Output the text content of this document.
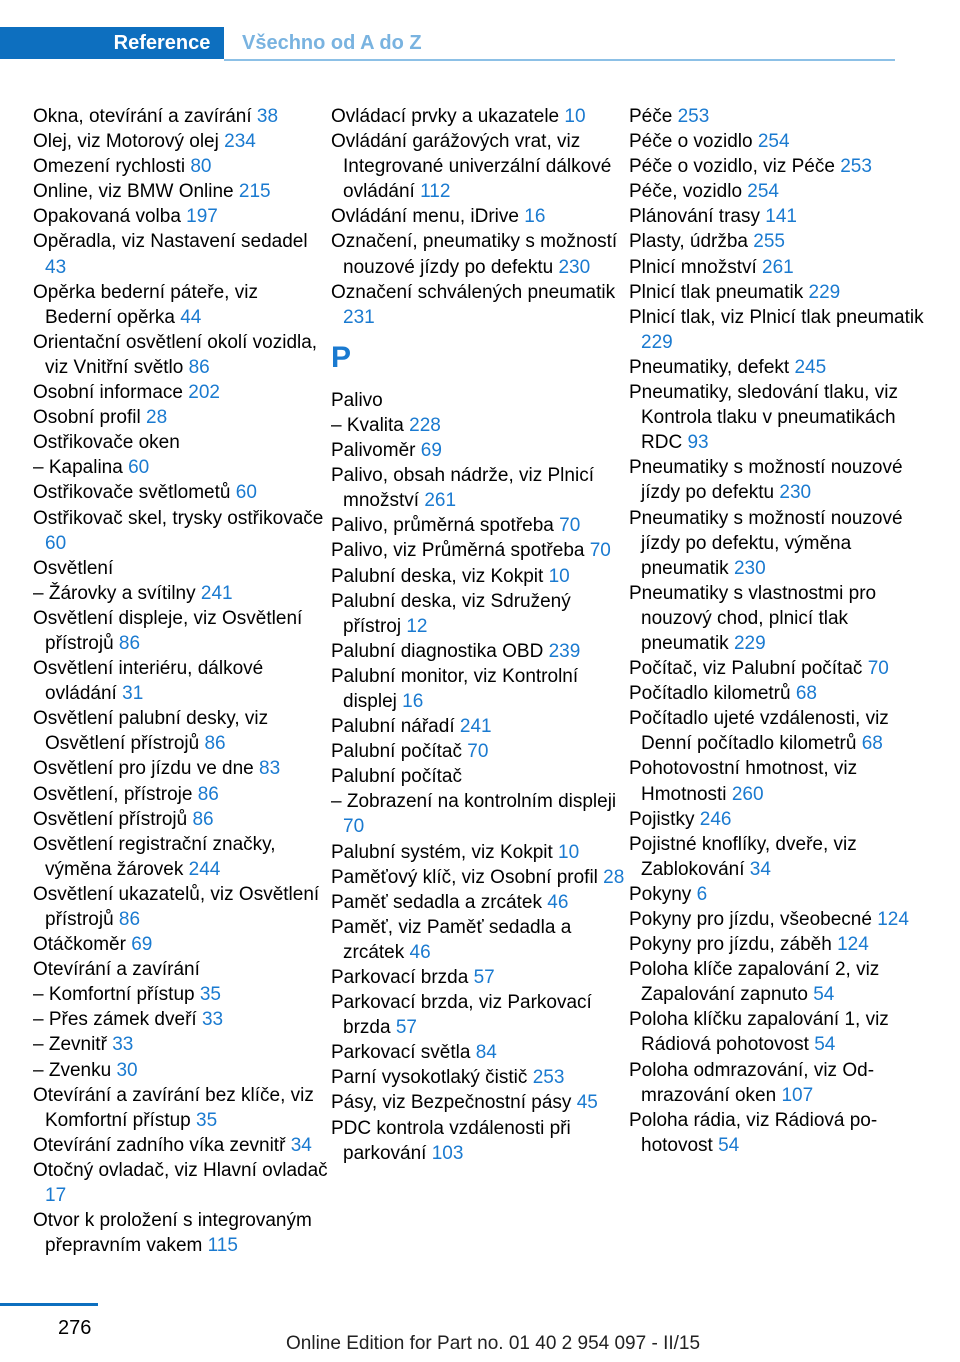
Reference	Všechno od A do Z
Okna, otevírání a zavírání 38
Olej, viz Motorový olej 234
Omezení rychlosti 80
Online, viz BMW Online 215
Opakovaná volba 197
Opěradla, viz Nastavení sedadel 43
Opěrka bederní páteře, viz Bederní opěrka 44
Orientační osvětlení okolí vozidla, viz Vnitřní světlo 86
Osobní informace 202
Osobní profil 28
Ostřikovače oken
– Kapalina 60
Ostřikovače světlometů 60
Ostřikovač skel, trysky ostřikovače 60
Osvětlení
– Žárovky a svítilny 241
Osvětlení displeje, viz Osvětlení přístrojů 86
Osvětlení interiéru, dálkové ovládání 31
Osvětlení palubní desky, viz Osvětlení přístrojů 86
Osvětlení pro jízdu ve dne 83
Osvětlení, přístroje 86
Osvětlení přístrojů 86
Osvětlení registrační značky, výměna žárovek 244
Osvětlení ukazatelů, viz Osvětlení přístrojů 86
Otáčkoměr 69
Otevírání a zavírání
– Komfortní přístup 35
– Přes zámek dveří 33
– Zevnitř 33
– Zvenku 30
Otevírání a zavírání bez klíče, viz Komfortní přístup 35
Otevírání zadního víka zevnitř 34
Otočný ovladač, viz Hlavní ovladač 17
Otvor k proložení s integrovaným přepravním vakem 115
Ovládací prvky a ukazatele 10
Ovládání garážových vrat, viz Integrované univerzální dálkové ovládání 112
Ovládání menu, iDrive 16
Označení, pneumatiky s možností nouzové jízdy po defektu 230
Označení schválených pneumatik 231
P
Palivo
– Kvalita 228
Palivoměr 69
Palivo, obsah nádrže, viz Plnicí množství 261
Palivo, průměrná spotřeba 70
Palivo, viz Průměrná spotřeba 70
Palubní deska, viz Kokpit 10
Palubní deska, viz Sdružený přístroj 12
Palubní diagnostika OBD 239
Palubní monitor, viz Kontrolní displej 16
Palubní nářadí 241
Palubní počítač 70
Palubní počítač
– Zobrazení na kontrolním displeji 70
Palubní systém, viz Kokpit 10
Paměťový klíč, viz Osobní profil 28
Paměť sedadla a zrcátek 46
Paměť, viz Paměť sedadla a zrcátek 46
Parkovací brzda 57
Parkovací brzda, viz Parkovací brzda 57
Parkovací světla 84
Parní vysokotlaký čistič 253
Pásy, viz Bezpečnostní pásy 45
PDC kontrola vzdálenosti při parkování 103
Péče 253
Péče o vozidlo 254
Péče o vozidlo, viz Péče 253
Péče, vozidlo 254
Plánování trasy 141
Plasty, údržba 255
Plnicí množství 261
Plnicí tlak pneumatik 229
Plnicí tlak, viz Plnicí tlak pneumatik 229
Pneumatiky, defekt 245
Pneumatiky, sledování tlaku, viz Kontrola tlaku v pneumatikách RDC 93
Pneumatiky s možností nouzové jízdy po defektu 230
Pneumatiky s možností nouzové jízdy po defektu, výměna pneumatik 230
Pneumatiky s vlastnostmi pro nouzový chod, plnicí tlak pneumatik 229
Počítač, viz Palubní počítač 70
Počítadlo kilometrů 68
Počítadlo ujeté vzdálenosti, viz Denní počítadlo kilometrů 68
Pohotovostní hmotnost, viz Hmotnosti 260
Pojistky 246
Pojistné knoflíky, dveře, viz Zablokování 34
Pokyny 6
Pokyny pro jízdu, všeobecné 124
Pokyny pro jízdu, záběh 124
Poloha klíče zapalování 2, viz Zapalování zapnuto 54
Poloha klíčku zapalování 1, viz Rádiová pohotovost 54
Poloha odmrazování, viz Odmrazování oken 107
Poloha rádia, viz Rádiová pohotovost 54
276
Online Edition for Part no. 01 40 2 954 097 - II/15
